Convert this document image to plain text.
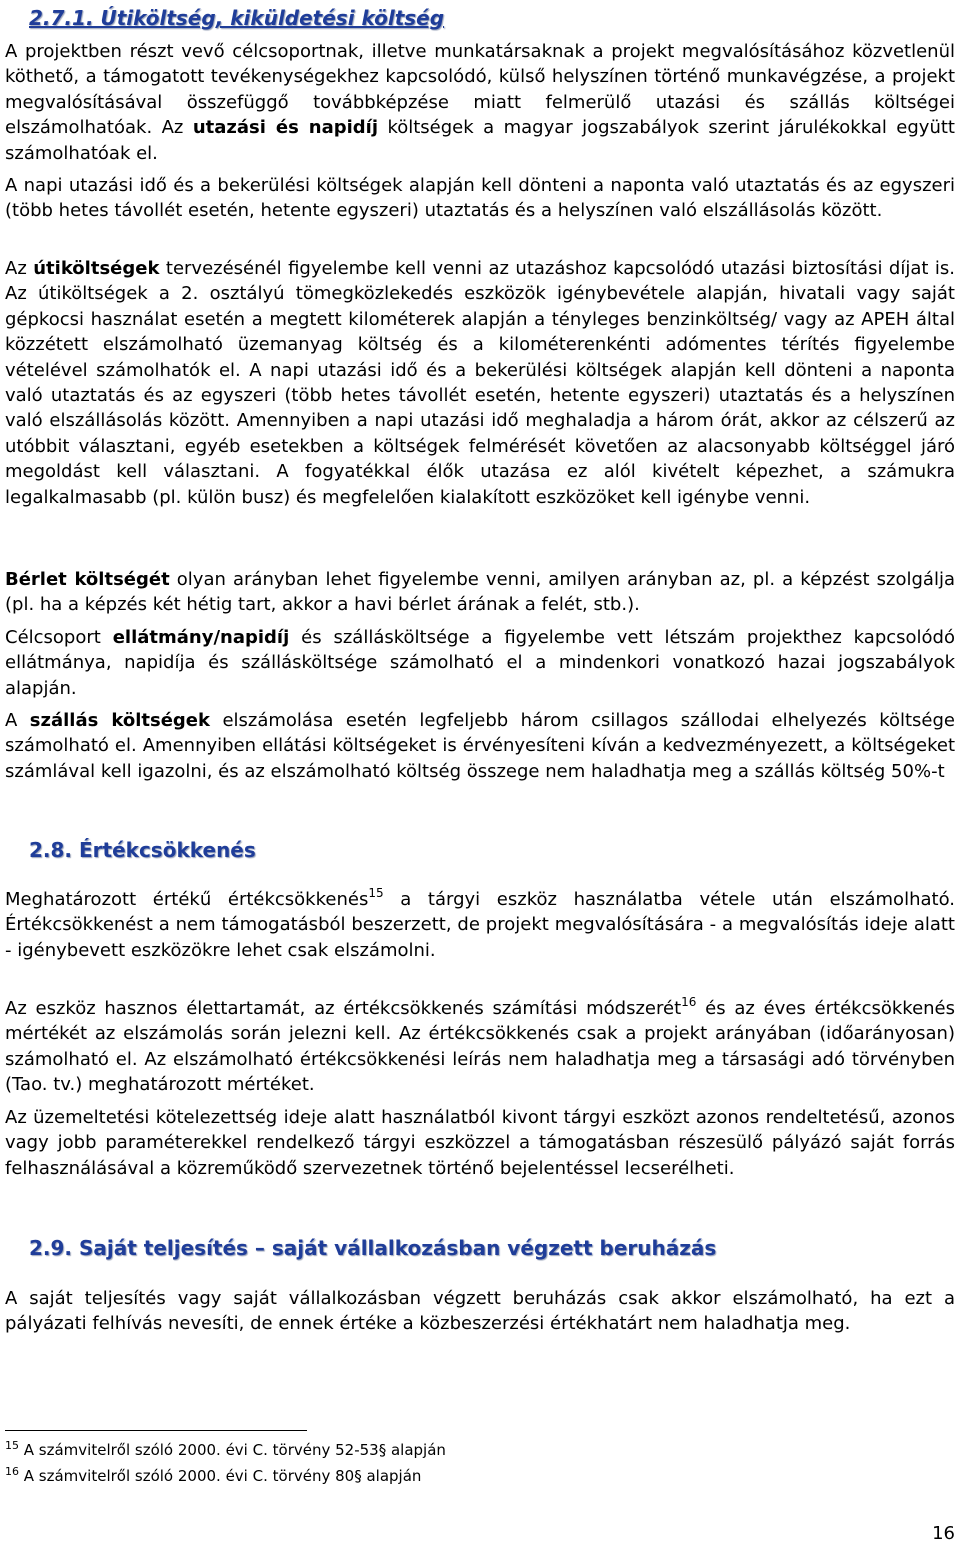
2.7.1. Útiköltség, kiküldetési költség

A projektben részt vevő célcsoportnak, illetve munkatársaknak a projekt megvalósításához közvetlenül köthető, a támogatott tevékenységekhez kapcsolódó, külső helyszínen történő munkavégzése, a projekt megvalósításával összefüggő továbbképzése miatt felmerülő utazási és szállás költségei elszámolhatóak. Az utazási és napidíj költségek a magyar jogszabályok szerint járulékokkal együtt számolhatóak el.

A napi utazási idő és a bekerülési költségek alapján kell dönteni a naponta való utaztatás és az egyszeri (több hetes távollét esetén, hetente egyszeri) utaztatás és a helyszínen való elszállásolás között.

Az útiköltségek tervezésénél figyelembe kell venni az utazáshoz kapcsolódó utazási biztosítási díjat is. Az útiköltségek a 2. osztályú tömegközlekedés eszközök igénybevétele alapján, hivatali vagy saját gépkocsi használat esetén a megtett kilométerek alapján a tényleges benzinköltség/ vagy az APEH által közzétett elszámolható üzemanyag költség és a kilométerenkénti adómentes térítés figyelembe vételével számolhatók el. A napi utazási idő és a bekerülési költségek alapján kell dönteni a naponta való utaztatás és az egyszeri (több hetes távollét esetén, hetente egyszeri) utaztatás és a helyszínen való elszállásolás között. Amennyiben a napi utazási idő meghaladja a három órát, akkor az célszerű az utóbbit választani, egyéb esetekben a költségek felmérését követően az alacsonyabb költséggel járó megoldást kell választani. A fogyatékkal élők utazása ez alól kivételt képezhet, a számukra legalkalmasabb (pl. külön busz) és megfelelően kialakított eszközöket kell igénybe venni.

Bérlet költségét olyan arányban lehet figyelembe venni, amilyen arányban az, pl. a képzést szolgálja (pl. ha a képzés két hétig tart, akkor a havi bérlet árának a felét, stb.).

Célcsoport ellátmány/napidíj és szállásköltsége a figyelembe vett létszám projekthez kapcsolódó ellátmánya, napidíja és szállásköltsége számolható el a mindenkori vonatkozó hazai jogszabályok alapján.

A szállás költségek elszámolása esetén legfeljebb három csillagos szállodai elhelyezés költsége számolható el. Amennyiben ellátási költségeket is érvényesíteni kíván a kedvezményezett, a költségeket számlával kell igazolni, és az elszámolható költség összege nem haladhatja meg a szállás költség 50%-t

2.8. Értékcsökkenés

Meghatározott értékű értékcsökkenés$^{15}$ a tárgyi eszköz használatba vétele után elszámolható. Értékcsökkenést a nem támogatásból beszerzett, de projekt megvalósítására - a megvalósítás ideje alatt - igénybevett eszközökre lehet csak elszámolni.

Az eszköz hasznos élettartamát, az értékcsökkenés számítási módszerét$^{16}$ és az éves értékcsökkenés mértékét az elszámolás során jelezni kell. Az értékcsökkenés csak a projekt arányában (időarányosan) számolható el. Az elszámolható értékcsökkenési leírás nem haladhatja meg a társasági adó törvényben (Tao. tv.) meghatározott mértéket.

Az üzemeltetési kötelezettség ideje alatt használatból kivont tárgyi eszközt azonos rendeltetésű, azonos vagy jobb paraméterekkel rendelkező tárgyi eszközzel a támogatásban részesülő pályázó saját forrás felhasználásával a közreműködő szervezetnek történő bejelentéssel lecserélheti.

2.9. Saját teljesítés – saját vállalkozásban végzett beruházás

A saját teljesítés vagy saját vállalkozásban végzett beruházás csak akkor elszámolható, ha ezt a pályázati felhívás nevesíti, de ennek értéke a közbeszerzési értékhatárt nem haladhatja meg.

$^{15}$ A számvitelről szóló 2000. évi C. törvény 52-53§ alapján
$^{16}$ A számvitelről szóló 2000. évi C. törvény 80§ alapján
16
